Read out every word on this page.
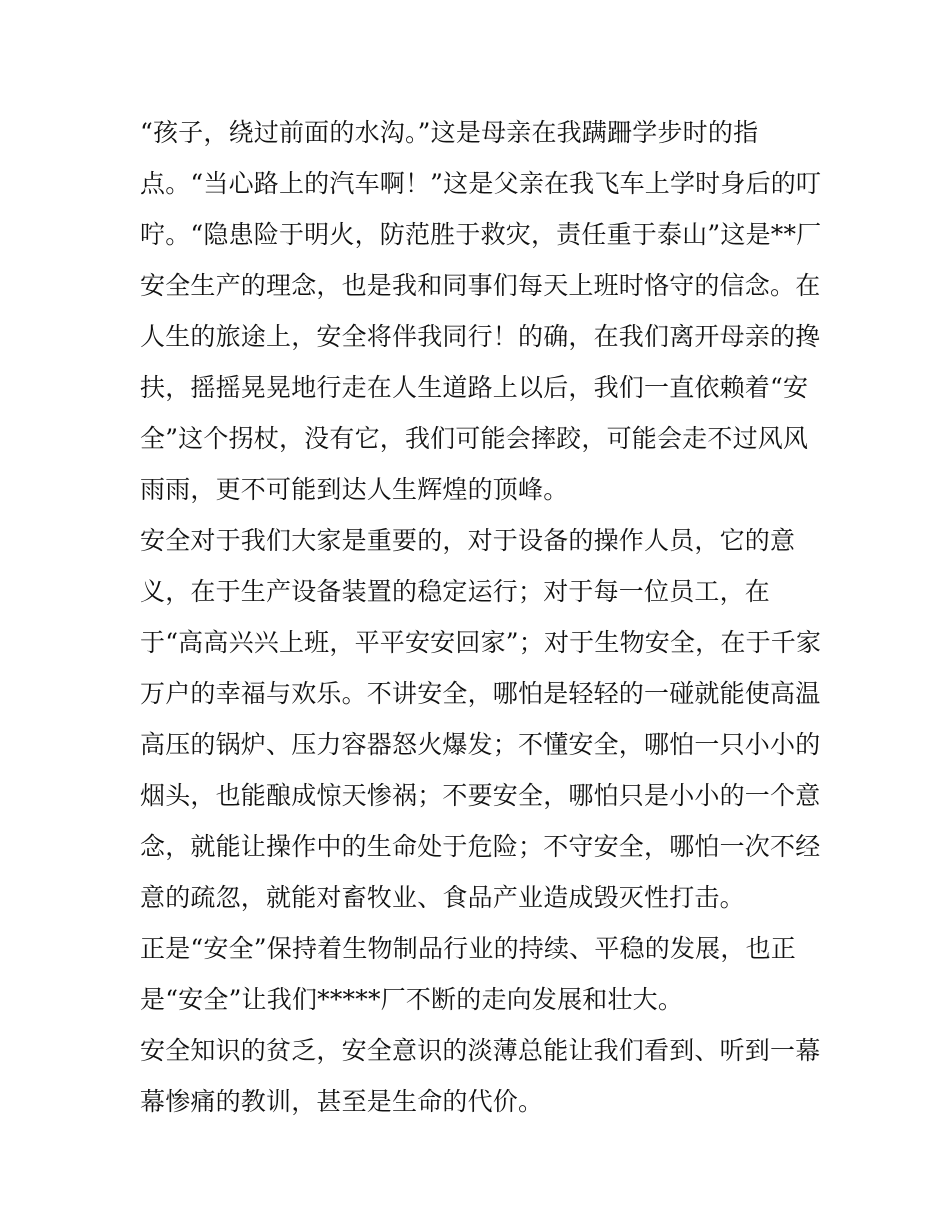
“孩子，绕过前面的水沟。”这是母亲在我蹒跚学步时的指
点。“当心路上的汽车啊！”这是父亲在我飞车上学时身后的叮
咛。“隐患险于明火，防范胜于救灾，责任重于泰山”这是**厂
安全生产的理念，也是我和同事们每天上班时恪守的信念。在
人生的旅途上，安全将伴我同行！的确，在我们离开母亲的搀
扶，摇摇晃晃地行走在人生道路上以后，我们一直依赖着“安
全”这个拐杖，没有它，我们可能会摔跤，可能会走不过风风
雨雨，更不可能到达人生辉煌的顶峰。
安全对于我们大家是重要的，对于设备的操作人员，它的意
义，在于生产设备装置的稳定运行；对于每一位员工，在
于“高高兴兴上班，平平安安回家”；对于生物安全，在于千家
万户的幸福与欢乐。不讲安全，哪怕是轻轻的一碰就能使高温
高压的锅炉、压力容器怒火爆发；不懂安全，哪怕一只小小的
烟头，也能酿成惊天惨祸；不要安全，哪怕只是小小的一个意
念，就能让操作中的生命处于危险；不守安全，哪怕一次不经
意的疏忽，就能对畜牧业、食品产业造成毁灭性打击。
正是“安全”保持着生物制品行业的持续、平稳的发展，也正
是“安全”让我们*****厂不断的走向发展和壮大。
安全知识的贫乏，安全意识的淡薄总能让我们看到、听到一幕
幕惨痛的教训，甚至是生命的代价。
